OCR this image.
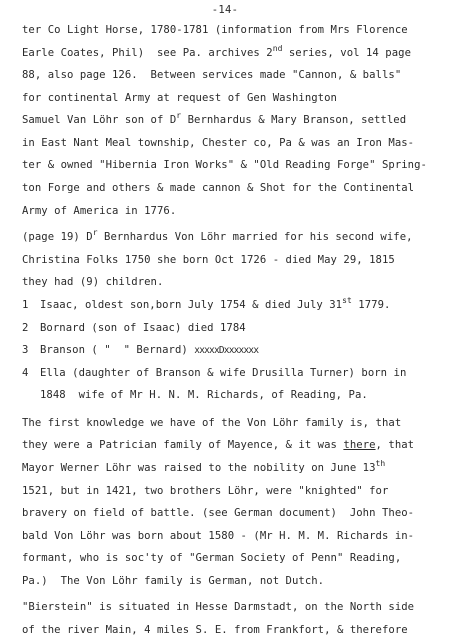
-14-
ter Co Light Horse, 1780-1781 (information from Mrs Florence
Earle Coates, Phil)  see Pa. archives 2nd series, vol 14 page
88, also page 126.  Between services made "Cannon, & balls"
for continental Army at request of Gen Washington
Samuel Van Löhr son of $D^r$ Bernhardus & Mary Branson, settled
in East Nant Meal township, Chester co, Pa & was an Iron Mas-
ter & owned "Hibernia Iron Works" & "Old Reading Forge" Spring-
ton Forge and others & made cannon & Shot for the Continental
Army of America in 1776.
(page 19) $D^r$ Bernhardus Von Löhr married for his second wife,
Christina Folks 1750 she born Oct 1726 - died May 29, 1815
they had (9) children.
1 Isaac, oldest son,born July 1754 & died July 31st 1779.
2 Bornard (son of Isaac) died 1784
3 Branson ( "  " Bernard) xxxxxDxxxxxxx
4 Ella (daughter of Branson & wife Drusilla Turner) born in
1848  wife of Mr H. N. M. Richards, of Reading, Pa.
The first knowledge we have of the Von Löhr family is, that
they were a Patrician family of Mayence, & it was there, that
Mayor Werner Löhr was raised to the nobility on June 13th
1521, but in 1421, two brothers Löhr, were "knighted" for
bravery on field of battle. (see German document)  John Theo-
bald Von Löhr was born about 1580 - (Mr H. M. M. Richards in-
formant, who is soc'ty of "German Society of Penn" Reading,
Pa.)  The Von Löhr family is German, not Dutch.
"Bierstein" is situated in Hesse Darmstadt, on the North side
of the river Main, 4 miles S. E. from Frankfort, & therefore
